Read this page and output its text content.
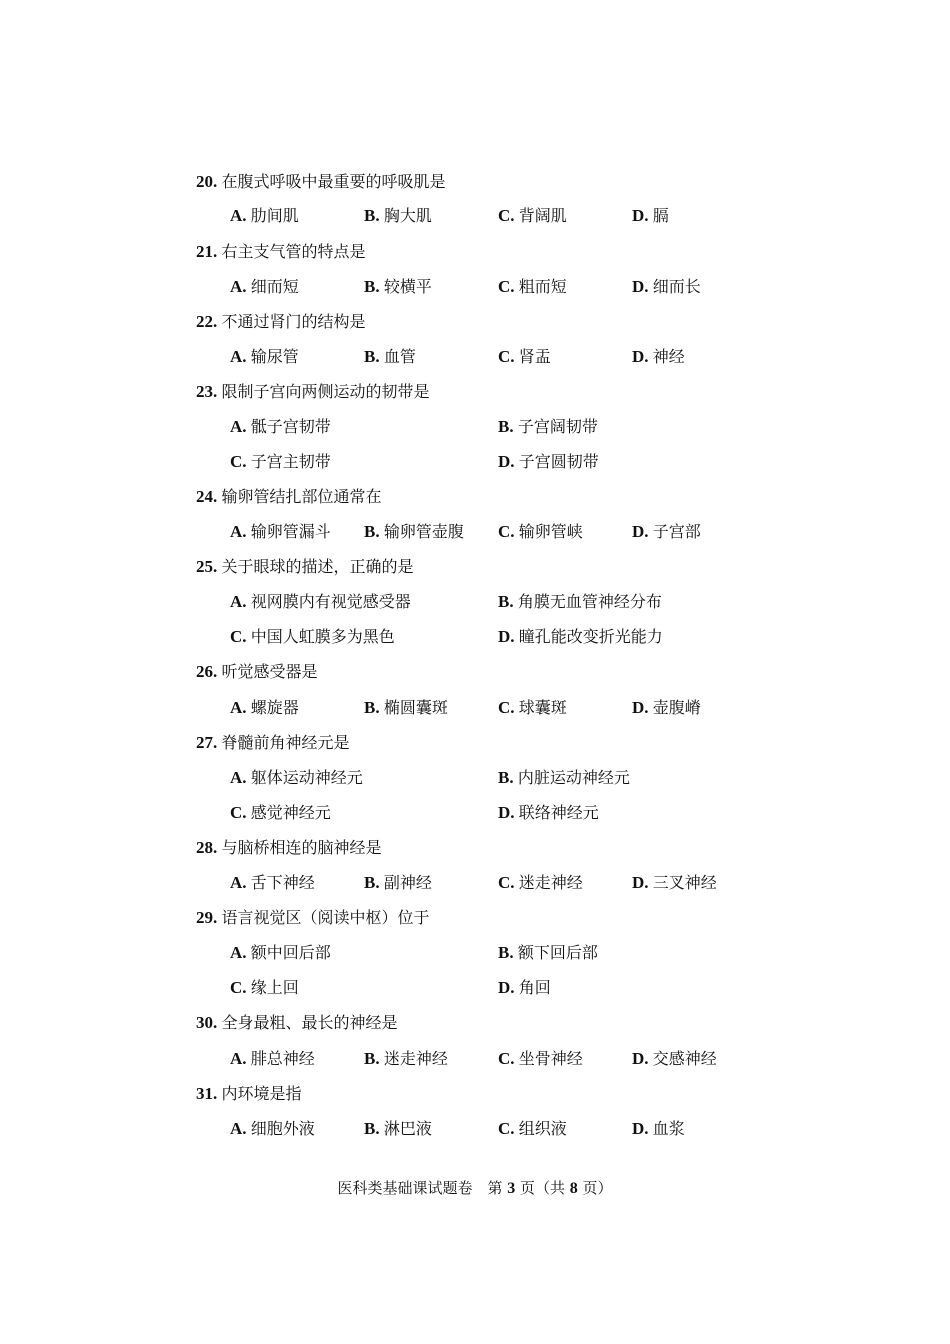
20. 在腹式呼吸中最重要的呼吸肌是
A. 肋间肌	B. 胸大肌	C. 背阔肌	D. 膈
21. 右主支气管的特点是
A. 细而短	B. 较横平	C. 粗而短	D. 细而长
22. 不通过肾门的结构是
A. 输尿管	B. 血管	C. 肾盂	D. 神经
23. 限制子宫向两侧运动的韧带是
A. 骶子宫韧带	B. 子宫阔韧带
C. 子宫主韧带	D. 子宫圆韧带
24. 输卵管结扎部位通常在
A. 输卵管漏斗 B. 输卵管壶腹 C. 输卵管峡	D. 子宫部
25. 关于眼球的描述，正确的是
A. 视网膜内有视觉感受器	B. 角膜无血管神经分布
C. 中国人虹膜多为黑色	D. 瞳孔能改变折光能力
26. 听觉感受器是
A. 螺旋器	B. 椭圆囊斑	C. 球囊斑	D. 壶腹嵴
27. 脊髓前角神经元是
A. 躯体运动神经元	B. 内脏运动神经元
C. 感觉神经元	D. 联络神经元
28. 与脑桥相连的脑神经是
A. 舌下神经	B. 副神经	C. 迷走神经	D. 三叉神经
29. 语言视觉区（阅读中枢）位于
A. 额中回后部	B. 额下回后部
C. 缘上回	D. 角回
30. 全身最粗、最长的神经是
A. 腓总神经	B. 迷走神经	C. 坐骨神经	D. 交感神经
31. 内环境是指
A. 细胞外液	B. 淋巴液	C. 组织液	D. 血浆
医科类基础课试题卷　第 3 页（共 8 页）
